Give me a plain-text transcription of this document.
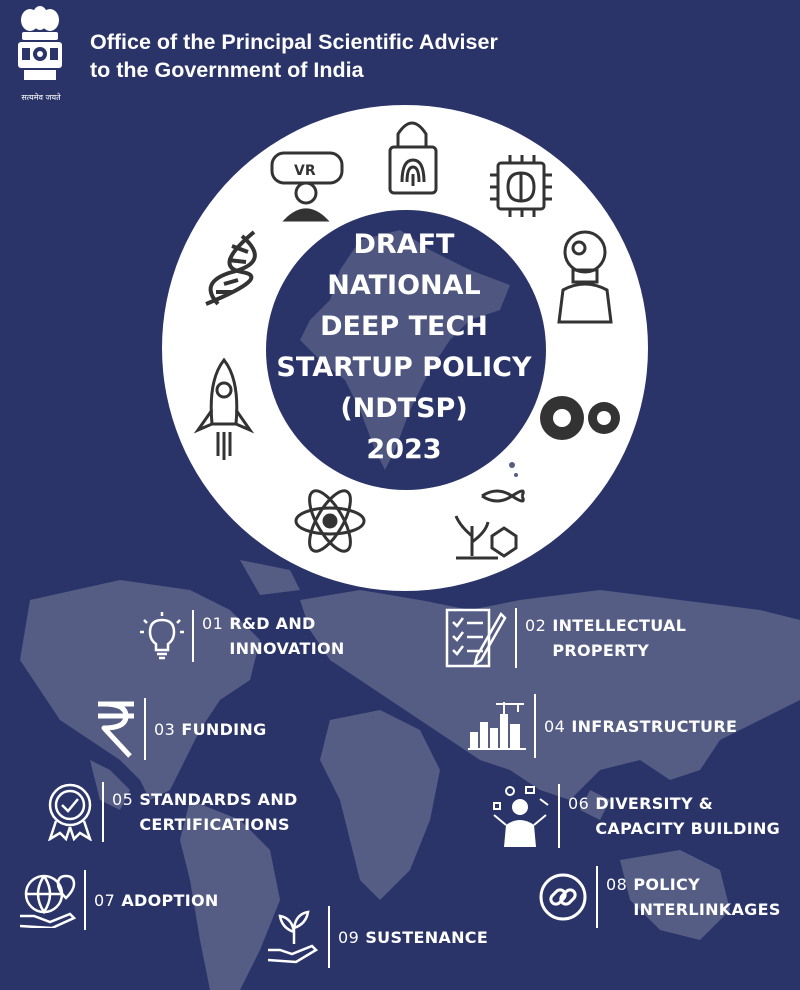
सत्यमेव जयते
Office of the Principal Scientific Adviser
to the Government of India
VR
DRAFT
NATIONAL
DEEP TECH
STARTUP POLICY
(NDTSP)
2023
01 R&D AND
INNOVATION
02 INTELLECTUAL
PROPERTY
03 FUNDING	04 INFRASTRUCTURE
05 STANDARDS AND
CERTIFICATIONS
06 DIVERSITY &
CAPACITY BUILDING
07 ADOPTION
08 POLICY
INTERLINKAGES
09 SUSTENANCE
